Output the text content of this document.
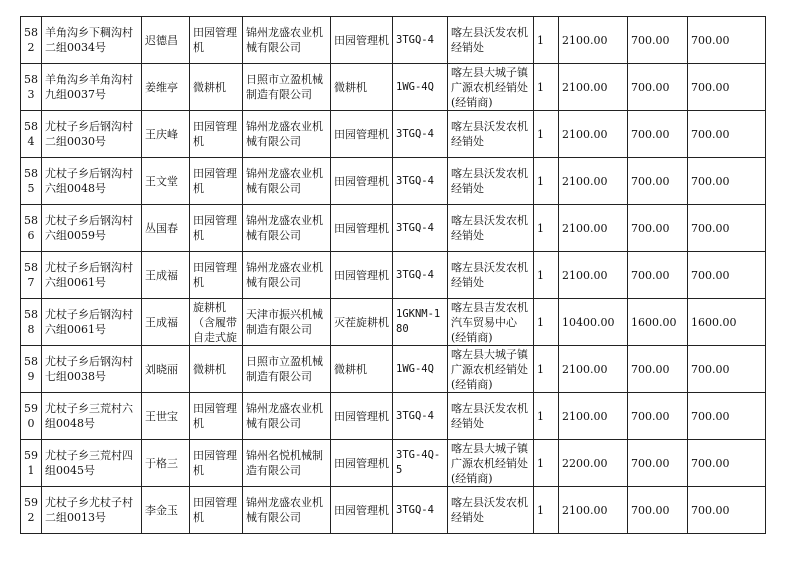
582	羊角沟乡下稠沟村二组0034号	迟德昌	田园管理机	锦州龙盛农业机械有限公司	田园管理机	3TGQ-4	喀左县沃发农机经销处	1	2100.00	700.00	700.00
583	羊角沟乡羊角沟村九组0037号	姜维亭	微耕机	日照市立盈机械制造有限公司	微耕机	1WG-4Q	喀左县大城子镇广源农机经销处(经销商)	1	2100.00	700.00	700.00
584	尤杖子乡后钢沟村二组0030号	王庆峰	田园管理机	锦州龙盛农业机械有限公司	田园管理机	3TGQ-4	喀左县沃发农机经销处	1	2100.00	700.00	700.00
585	尤杖子乡后钢沟村六组0048号	王文堂	田园管理机	锦州龙盛农业机械有限公司	田园管理机	3TGQ-4	喀左县沃发农机经销处	1	2100.00	700.00	700.00
586	尤杖子乡后钢沟村六组0059号	丛国春	田园管理机	锦州龙盛农业机械有限公司	田园管理机	3TGQ-4	喀左县沃发农机经销处	1	2100.00	700.00	700.00
587	尤杖子乡后钢沟村六组0061号	王成福	田园管理机	锦州龙盛农业机械有限公司	田园管理机	3TGQ-4	喀左县沃发农机经销处	1	2100.00	700.00	700.00
588	尤杖子乡后钢沟村六组0061号	王成福	旋耕机（含履带自走式旋	天津市振兴机械制造有限公司	灭茬旋耕机	1GKNM-180	喀左县吉发农机汽车贸易中心(经销商)	1	10400.00	1600.00	1600.00
589	尤杖子乡后钢沟村七组0038号	刘晓丽	微耕机	日照市立盈机械制造有限公司	微耕机	1WG-4Q	喀左县大城子镇广源农机经销处(经销商)	1	2100.00	700.00	700.00
590	尤杖子乡三荒村六组0048号	王世宝	田园管理机	锦州龙盛农业机械有限公司	田园管理机	3TGQ-4	喀左县沃发农机经销处	1	2100.00	700.00	700.00
591	尤杖子乡三荒村四组0045号	于格三	田园管理机	锦州名悦机械制造有限公司	田园管理机	3TG-4Q-5	喀左县大城子镇广源农机经销处(经销商)	1	2200.00	700.00	700.00
592	尤杖子乡尤杖子村二组0013号	李金玉	田园管理机	锦州龙盛农业机械有限公司	田园管理机	3TGQ-4	喀左县沃发农机经销处	1	2100.00	700.00	700.00
